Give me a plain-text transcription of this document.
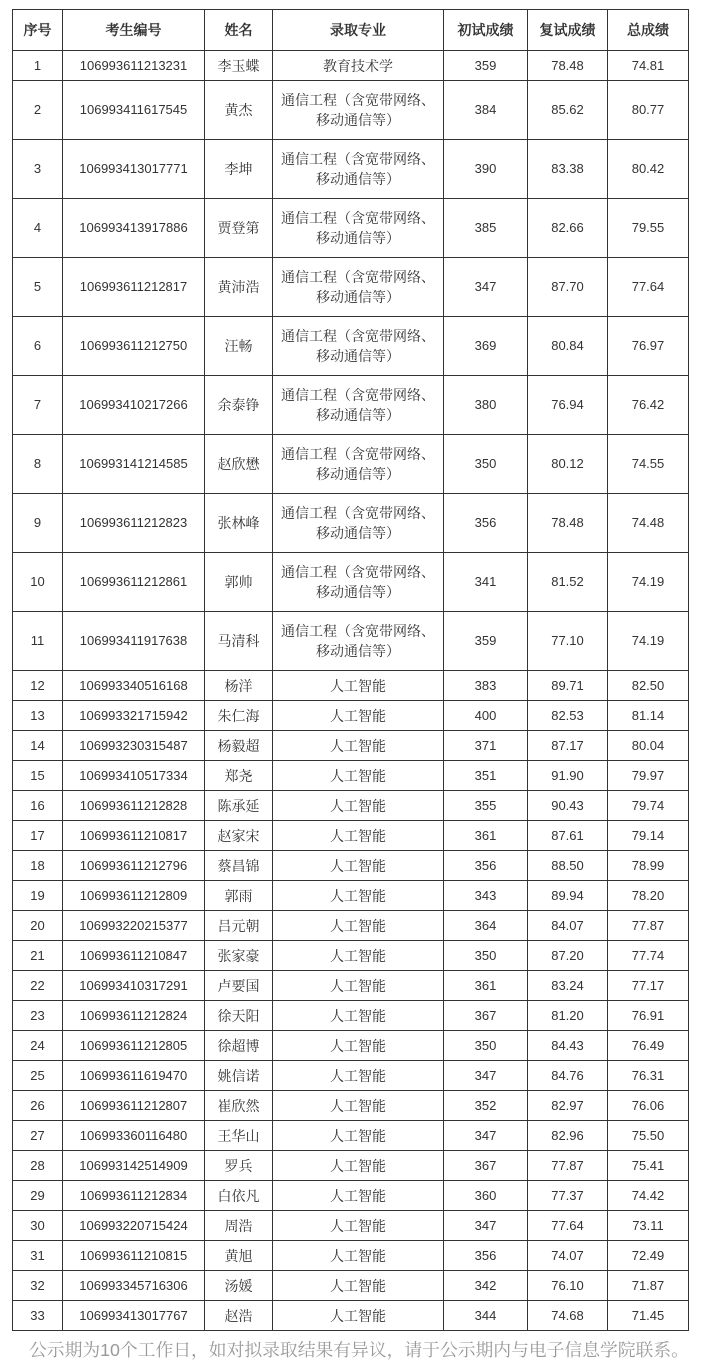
序号	考生编号	姓名	录取专业	初试成绩	复试成绩	总成绩
1	106993611213231	李玉蝶	教育技术学	359	78.48	74.81
2	106993411617545	黄杰	通信工程（含宽带网络、移动通信等）	384	85.62	80.77
3	106993413017771	李坤	通信工程（含宽带网络、移动通信等）	390	83.38	80.42
4	106993413917886	贾登第	通信工程（含宽带网络、移动通信等）	385	82.66	79.55
5	106993611212817	黄沛浩	通信工程（含宽带网络、移动通信等）	347	87.70	77.64
6	106993611212750	汪畅	通信工程（含宽带网络、移动通信等）	369	80.84	76.97
7	106993410217266	余泰铮	通信工程（含宽带网络、移动通信等）	380	76.94	76.42
8	106993141214585	赵欣懋	通信工程（含宽带网络、移动通信等）	350	80.12	74.55
9	106993611212823	张林峰	通信工程（含宽带网络、移动通信等）	356	78.48	74.48
10	106993611212861	郭帅	通信工程（含宽带网络、移动通信等）	341	81.52	74.19
11	106993411917638	马清科	通信工程（含宽带网络、移动通信等）	359	77.10	74.19
12	106993340516168	杨洋	人工智能	383	89.71	82.50
13	106993321715942	朱仁海	人工智能	400	82.53	81.14
14	106993230315487	杨毅超	人工智能	371	87.17	80.04
15	106993410517334	郑尧	人工智能	351	91.90	79.97
16	106993611212828	陈承延	人工智能	355	90.43	79.74
17	106993611210817	赵家宋	人工智能	361	87.61	79.14
18	106993611212796	蔡昌锦	人工智能	356	88.50	78.99
19	106993611212809	郭雨	人工智能	343	89.94	78.20
20	106993220215377	吕元朝	人工智能	364	84.07	77.87
21	106993611210847	张家豪	人工智能	350	87.20	77.74
22	106993410317291	卢要国	人工智能	361	83.24	77.17
23	106993611212824	徐天阳	人工智能	367	81.20	76.91
24	106993611212805	徐超博	人工智能	350	84.43	76.49
25	106993611619470	姚信诺	人工智能	347	84.76	76.31
26	106993611212807	崔欣然	人工智能	352	82.97	76.06
27	106993360116480	王华山	人工智能	347	82.96	75.50
28	106993142514909	罗兵	人工智能	367	77.87	75.41
29	106993611212834	白依凡	人工智能	360	77.37	74.42
30	106993220715424	周浩	人工智能	347	77.64	73.11
31	106993611210815	黄旭	人工智能	356	74.07	72.49
32	106993345716306	汤媛	人工智能	342	76.10	71.87
33	106993413017767	赵浩	人工智能	344	74.68	71.45

公示期为10个工作日，如对拟录取结果有异议，请于公示期内与电子信息学院联系。
